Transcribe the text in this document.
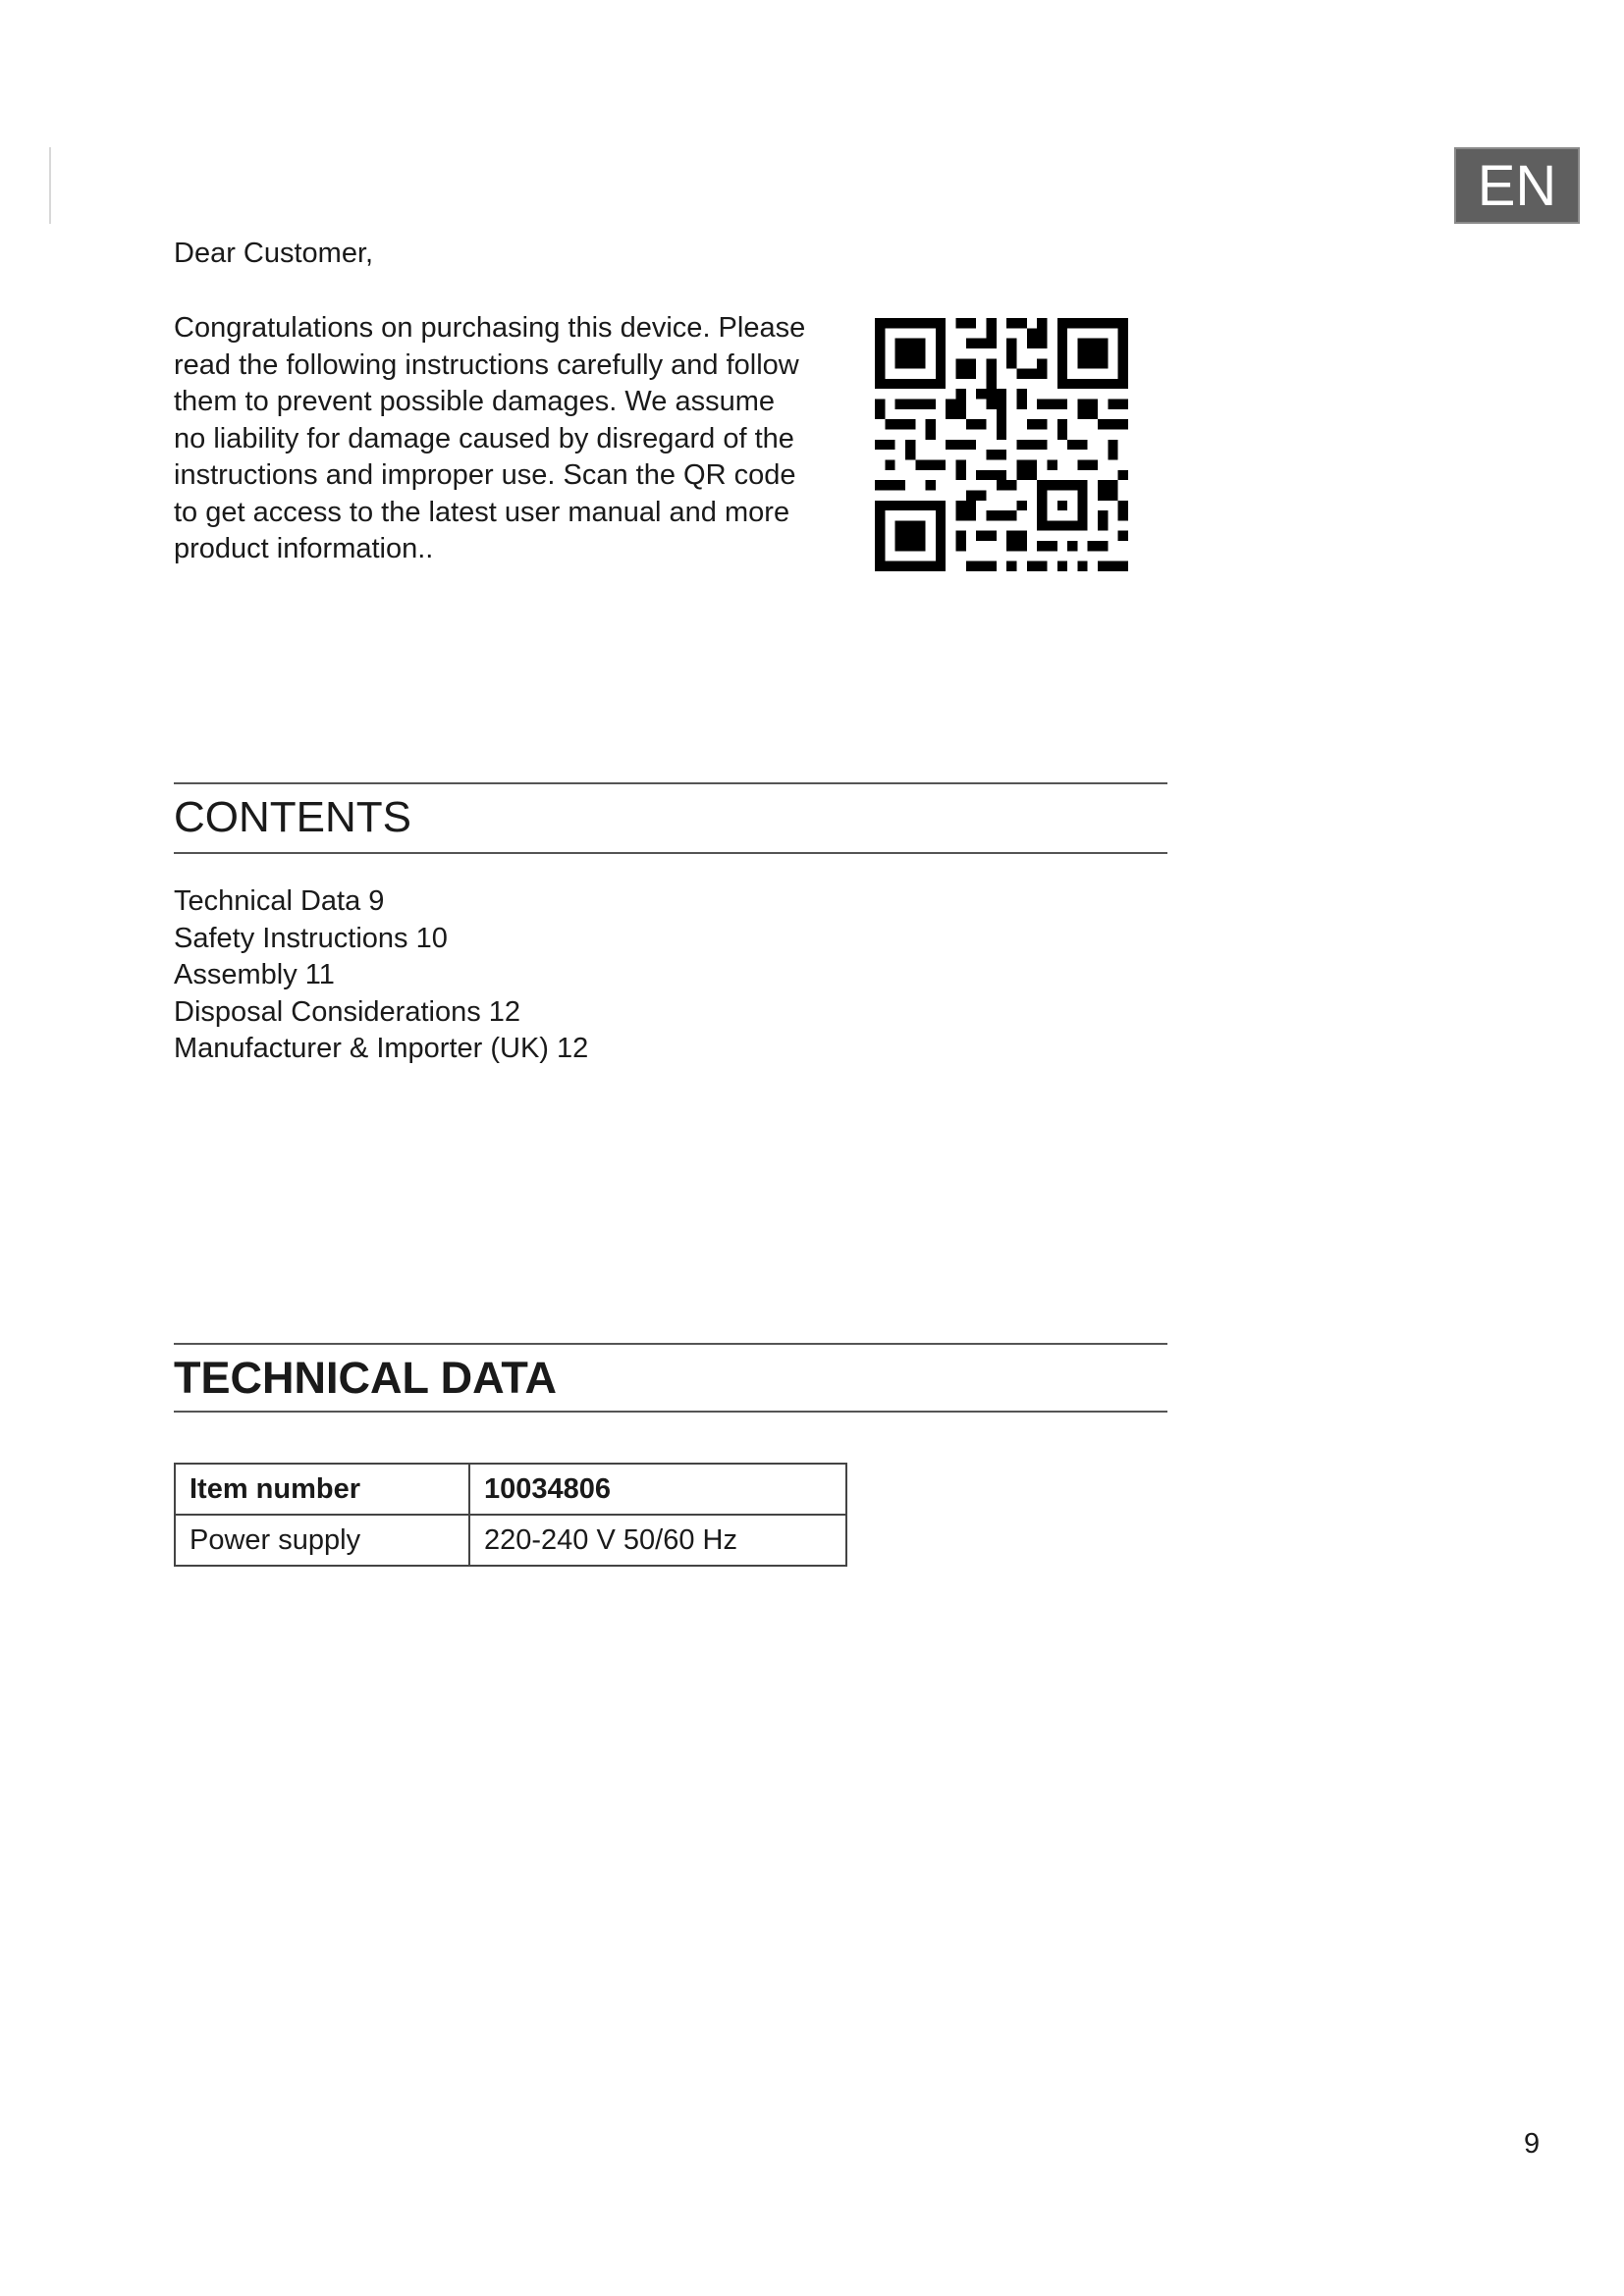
EN
Dear Customer,

Congratulations on purchasing this device. Please
read the following instructions carefully and follow
them to prevent possible damages. We assume
no liability for damage caused by disregard of the
instructions and improper use. Scan the QR code
to get access to the latest user manual and more
product information..

CONTENTS
Technical Data 9
Safety Instructions 10
Assembly 11
Disposal Considerations 12
Manufacturer & Importer (UK) 12
TECHNICAL DATA
Item number	10034806
Power supply	220-240 V 50/60 Hz
9
